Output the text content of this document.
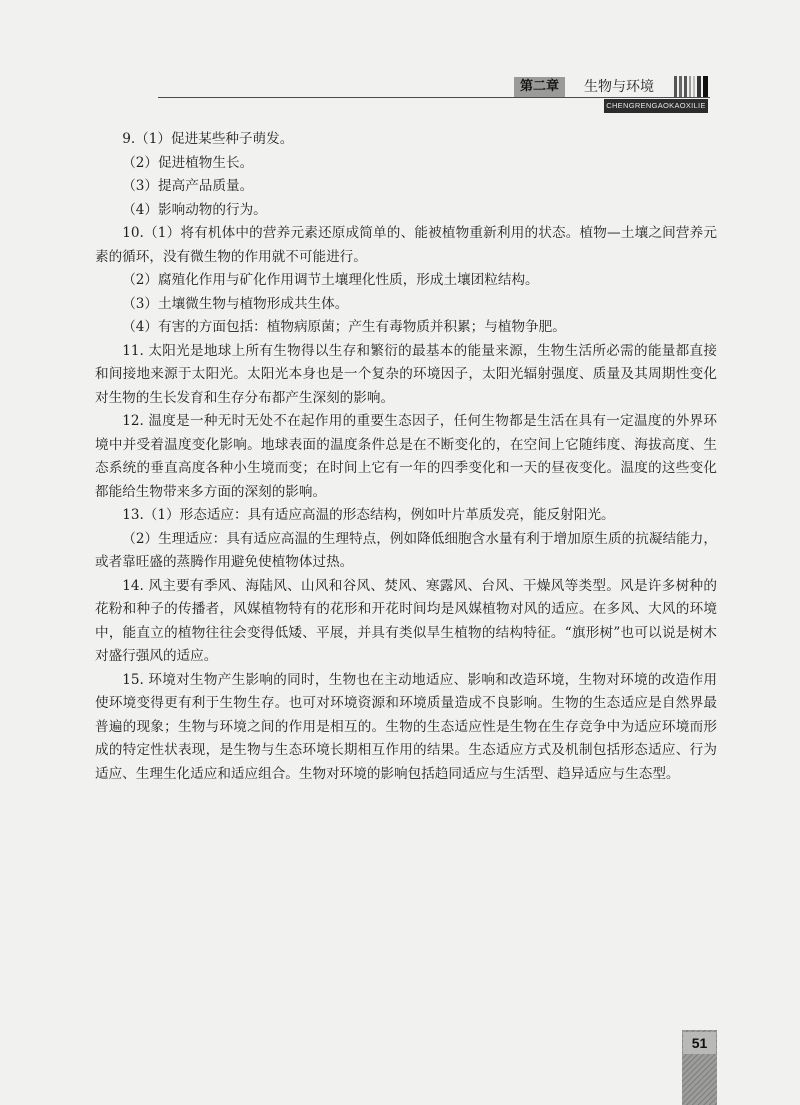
第二章	生物与环境
CHENGRENGAOKAOXILIE

9.（1）促进某些种子萌发。

（2）促进植物生长。

（3）提高产品质量。

（4）影响动物的行为。

10.（1）将有机体中的营养元素还原成简单的、能被植物重新利用的状态。植物—土壤之间营养元素的循环，没有微生物的作用就不可能进行。

（2）腐殖化作用与矿化作用调节土壤理化性质，形成土壤团粒结构。

（3）土壤微生物与植物形成共生体。

（4）有害的方面包括：植物病原菌；产生有毒物质并积累；与植物争肥。

11. 太阳光是地球上所有生物得以生存和繁衍的最基本的能量来源，生物生活所必需的能量都直接和间接地来源于太阳光。太阳光本身也是一个复杂的环境因子，太阳光辐射强度、质量及其周期性变化对生物的生长发育和生存分布都产生深刻的影响。

12. 温度是一种无时无处不在起作用的重要生态因子，任何生物都是生活在具有一定温度的外界环境中并受着温度变化影响。地球表面的温度条件总是在不断变化的，在空间上它随纬度、海拔高度、生态系统的垂直高度各种小生境而变；在时间上它有一年的四季变化和一天的昼夜变化。温度的这些变化都能给生物带来多方面的深刻的影响。

13.（1）形态适应：具有适应高温的形态结构，例如叶片革质发亮，能反射阳光。

（2）生理适应：具有适应高温的生理特点，例如降低细胞含水量有利于增加原生质的抗凝结能力，或者靠旺盛的蒸腾作用避免使植物体过热。

14. 风主要有季风、海陆风、山风和谷风、焚风、寒露风、台风、干燥风等类型。风是许多树种的花粉和种子的传播者，风媒植物特有的花形和开花时间均是风媒植物对风的适应。在多风、大风的环境中，能直立的植物往往会变得低矮、平展，并具有类似旱生植物的结构特征。“旗形树”也可以说是树木对盛行强风的适应。

15. 环境对生物产生影响的同时，生物也在主动地适应、影响和改造环境，生物对环境的改造作用使环境变得更有利于生物生存。也可对环境资源和环境质量造成不良影响。生物的生态适应是自然界最普遍的现象；生物与环境之间的作用是相互的。生物的生态适应性是生物在生存竞争中为适应环境而形成的特定性状表现，是生物与生态环境长期相互作用的结果。生态适应方式及机制包括形态适应、行为适应、生理生化适应和适应组合。生物对环境的影响包括趋同适应与生活型、趋异适应与生态型。

51
